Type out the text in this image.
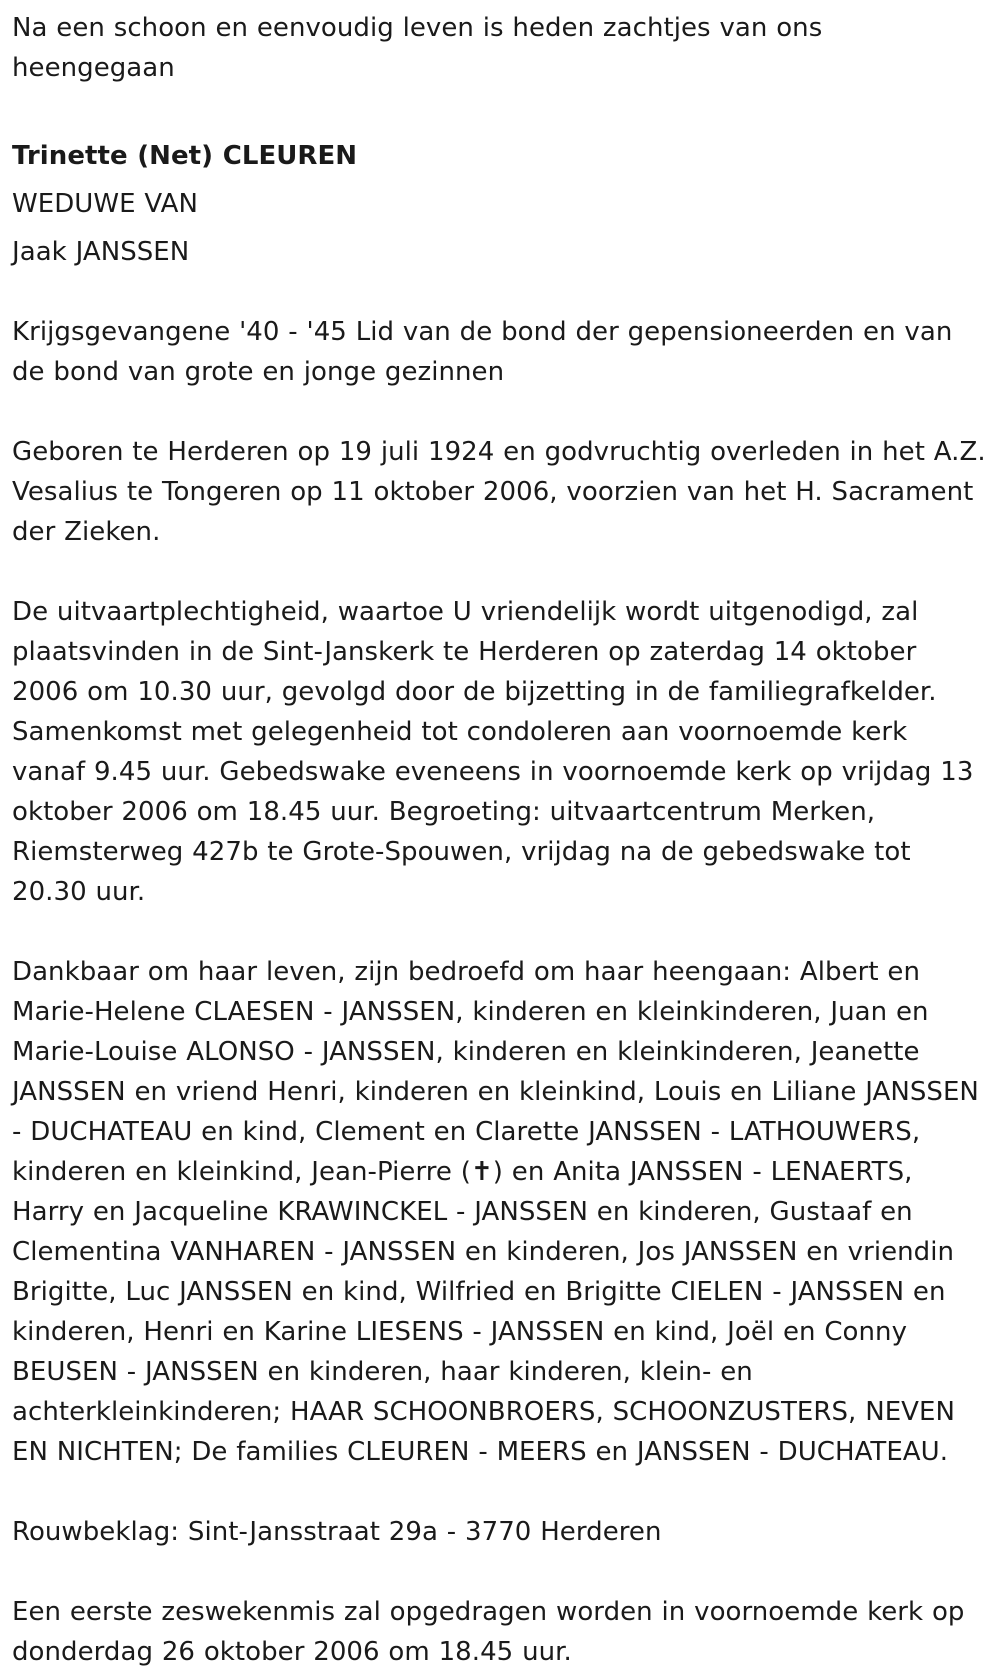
Na een schoon en eenvoudig leven is heden zachtjes van ons heengegaan

Trinette (Net) CLEUREN

WEDUWE VAN

Jaak JANSSEN

Krijgsgevangene '40 - '45 Lid van de bond der gepensioneerden en van de bond van grote en jonge gezinnen

Geboren te Herderen op 19 juli 1924 en godvruchtig overleden in het A.Z. Vesalius te Tongeren op 11 oktober 2006, voorzien van het H. Sacrament der Zieken.

De uitvaartplechtigheid, waartoe U vriendelijk wordt uitgenodigd, zal plaatsvinden in de Sint-Janskerk te Herderen op zaterdag 14 oktober 2006 om 10.30 uur, gevolgd door de bijzetting in de familiegrafkelder. Samenkomst met gelegenheid tot condoleren aan voornoemde kerk vanaf 9.45 uur. Gebedswake eveneens in voornoemde kerk op vrijdag 13 oktober 2006 om 18.45 uur. Begroeting: uitvaartcentrum Merken, Riemsterweg 427b te Grote-Spouwen, vrijdag na de gebedswake tot 20.30 uur.

Dankbaar om haar leven, zijn bedroefd om haar heengaan: Albert en Marie-Helene CLAESEN - JANSSEN, kinderen en kleinkinderen, Juan en Marie-Louise ALONSO - JANSSEN, kinderen en kleinkinderen, Jeanette JANSSEN en vriend Henri, kinderen en kleinkind, Louis en Liliane JANSSEN - DUCHATEAU en kind, Clement en Clarette JANSSEN - LATHOUWERS, kinderen en kleinkind, Jean-Pierre (✝) en Anita JANSSEN - LENAERTS, Harry en Jacqueline KRAWINCKEL - JANSSEN en kinderen, Gustaaf en Clementina VANHAREN - JANSSEN en kinderen, Jos JANSSEN en vriendin Brigitte, Luc JANSSEN en kind, Wilfried en Brigitte CIELEN - JANSSEN en kinderen, Henri en Karine LIESENS - JANSSEN en kind, Joël en Conny BEUSEN - JANSSEN en kinderen, haar kinderen, klein- en achterkleinkinderen; HAAR SCHOONBROERS, SCHOONZUSTERS, NEVEN EN NICHTEN; De families CLEUREN - MEERS en JANSSEN - DUCHATEAU.

Rouwbeklag: Sint-Jansstraat 29a - 3770 Herderen

Een eerste zeswekenmis zal opgedragen worden in voornoemde kerk op donderdag 26 oktober 2006 om 18.45 uur.
